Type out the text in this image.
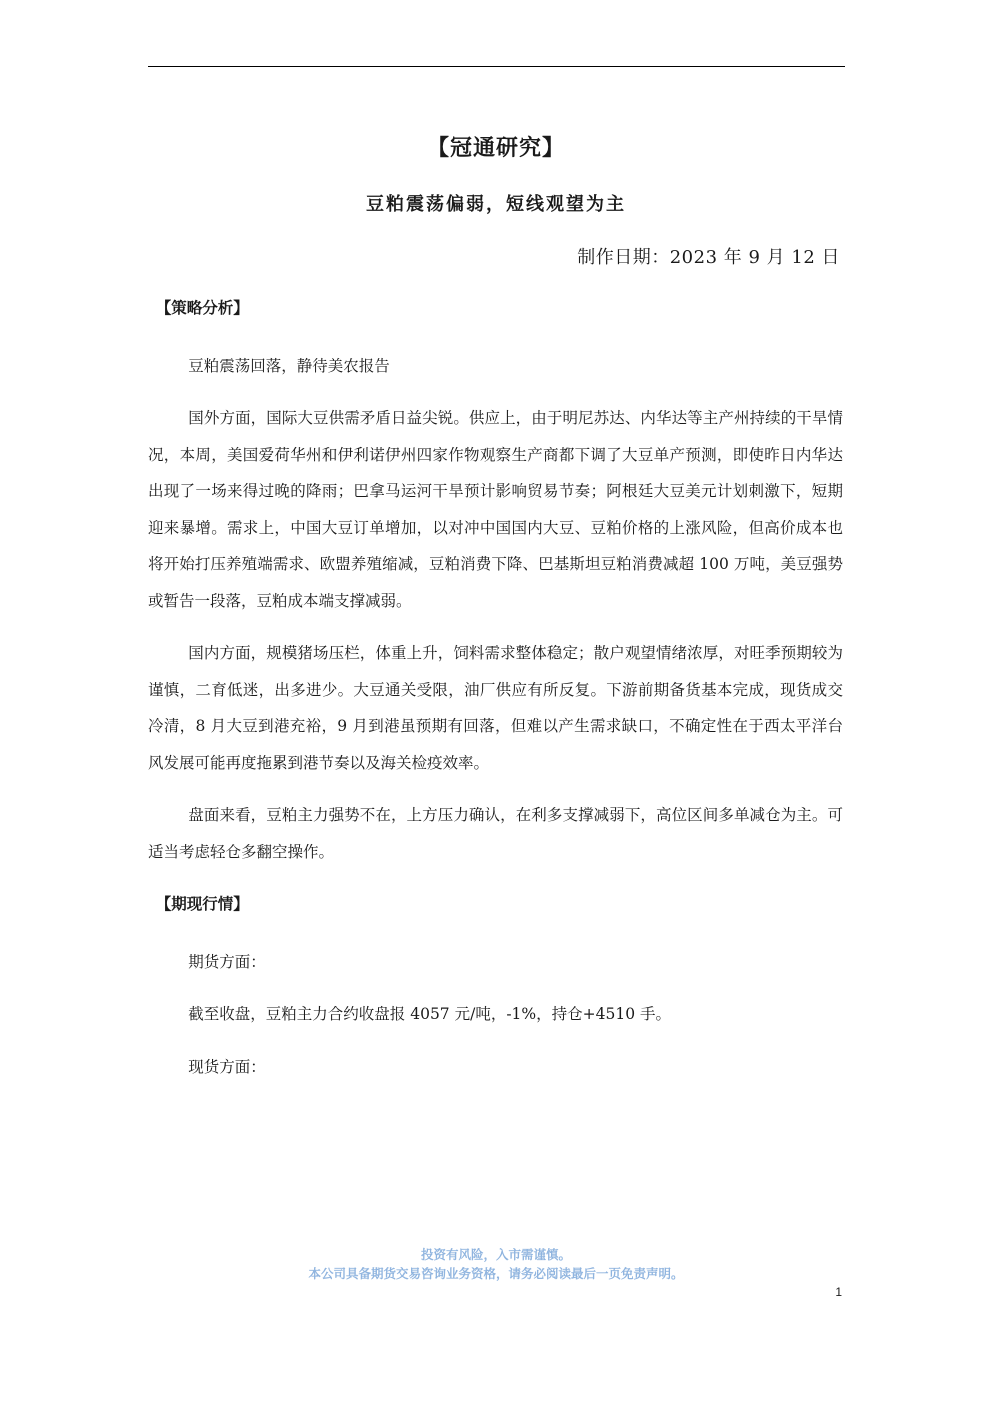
【冠通研究】
豆粕震荡偏弱，短线观望为主
制作日期：2023 年 9 月 12 日

【策略分析】

豆粕震荡回落，静待美农报告

国外方面，国际大豆供需矛盾日益尖锐。供应上，由于明尼苏达、内华达等主产州持续的干旱情况，本周，美国爱荷华州和伊利诺伊州四家作物观察生产商都下调了大豆单产预测，即使昨日内华达出现了一场来得过晚的降雨；巴拿马运河干旱预计影响贸易节奏；阿根廷大豆美元计划刺激下，短期迎来暴增。需求上，中国大豆订单增加，以对冲中国国内大豆、豆粕价格的上涨风险，但高价成本也将开始打压养殖端需求、欧盟养殖缩减，豆粕消费下降、巴基斯坦豆粕消费减超 100 万吨，美豆强势或暂告一段落，豆粕成本端支撑减弱。

国内方面，规模猪场压栏，体重上升，饲料需求整体稳定；散户观望情绪浓厚，对旺季预期较为谨慎，二育低迷，出多进少。大豆通关受限，油厂供应有所反复。下游前期备货基本完成，现货成交冷清，8 月大豆到港充裕，9 月到港虽预期有回落，但难以产生需求缺口，不确定性在于西太平洋台风发展可能再度拖累到港节奏以及海关检疫效率。

盘面来看，豆粕主力强势不在，上方压力确认，在利多支撑减弱下，高位区间多单减仓为主。可适当考虑轻仓多翻空操作。

【期现行情】

期货方面：

截至收盘，豆粕主力合约收盘报 4057 元/吨，-1%，持仓+4510 手。

现货方面：

投资有风险，入市需谨慎。
本公司具备期货交易咨询业务资格，请务必阅读最后一页免责声明。
1
